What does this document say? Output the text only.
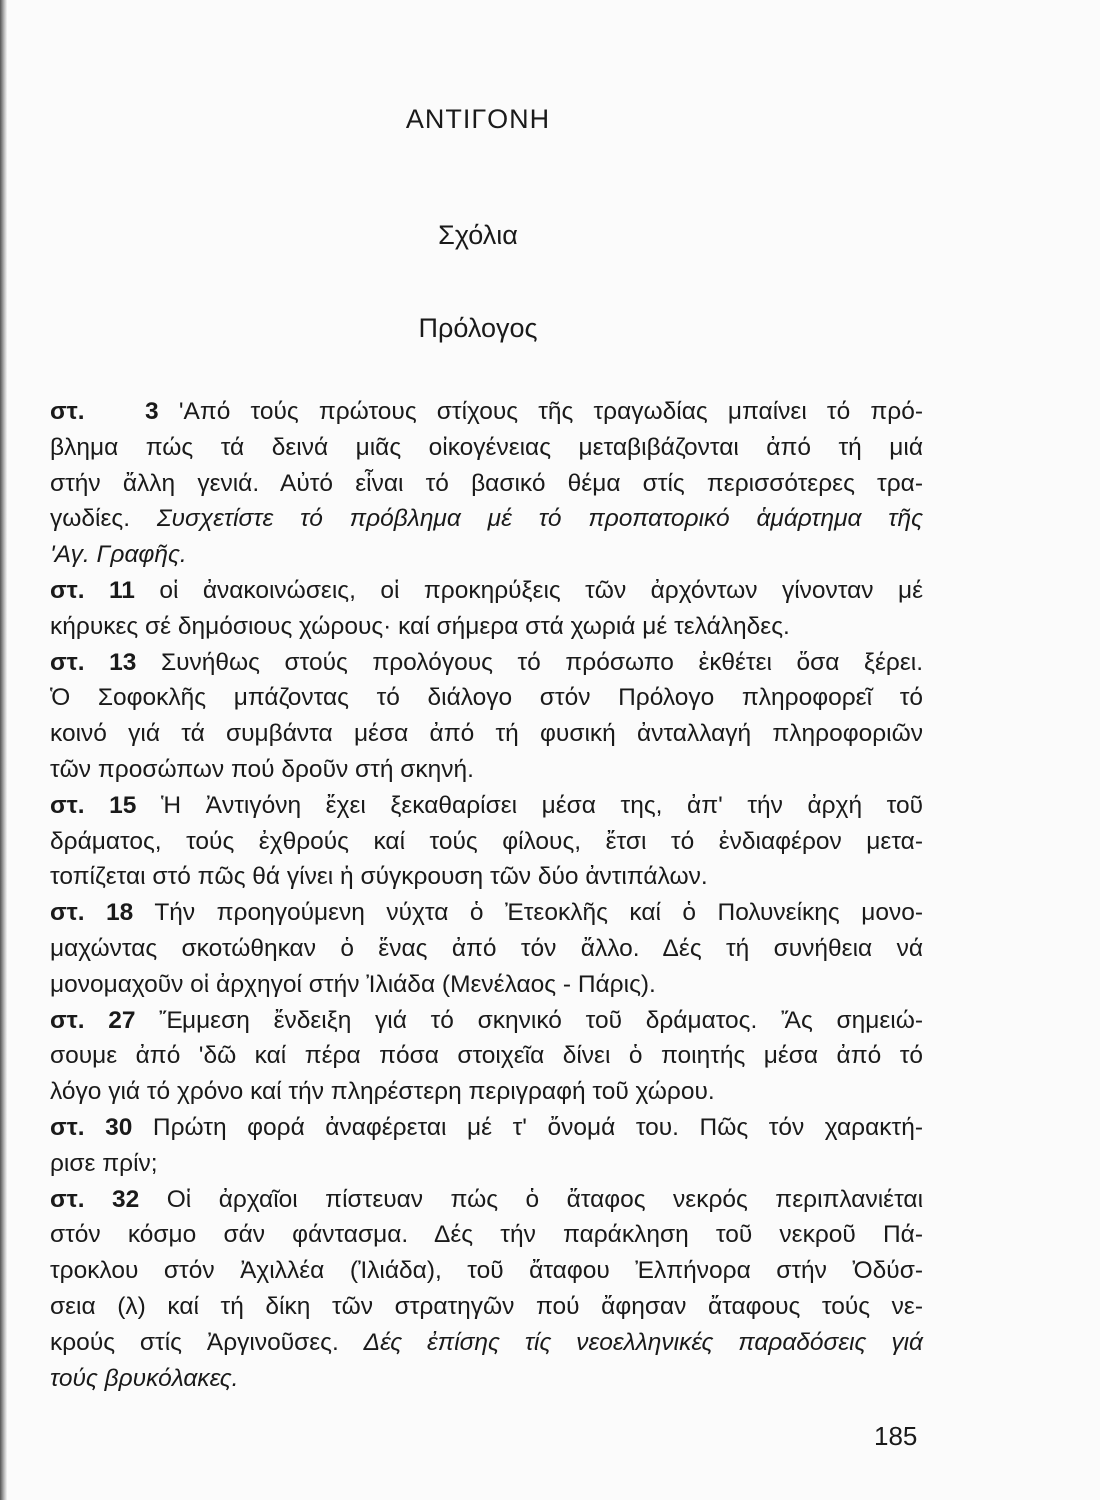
ΑΝΤΙΓΟΝΗ
Σχόλια
Πρόλογος
στ. 3 'Από τούς πρώτους στίχους τῆς τραγωδίας μπαίνει τό πρό-
βλημα πώς τά δεινά μιᾶς οἰκογένειας μεταβιβάζονται ἀπό τή μιά
στήν ἄλλη γενιά. Αὐτό εἶναι τό βασικό θέμα στίς περισσότερες τρα-
γωδίες. Συσχετίστε τό πρόβλημα μέ τό προπατορικό ἁμάρτημα τῆς
'Αγ. Γραφῆς.
στ. 11 οἱ ἀνακοινώσεις, οἱ προκηρύξεις τῶν ἀρχόντων γίνονταν μέ
κήρυκες σέ δημόσιους χώρους· καί σήμερα στά χωριά μέ τελάληδες.
στ. 13 Συνήθως στούς προλόγους τό πρόσωπο ἐκθέτει ὅσα ξέρει.
Ὁ Σοφοκλῆς μπάζοντας τό διάλογο στόν Πρόλογο πληροφορεῖ τό
κοινό γιά τά συμβάντα μέσα ἀπό τή φυσική ἀνταλλαγή πληροφοριῶν
τῶν προσώπων πού δροῦν στή σκηνή.
στ. 15 Ἡ Ἀντιγόνη ἔχει ξεκαθαρίσει μέσα της, ἀπ' τήν ἀρχή τοῦ
δράματος, τούς ἐχθρούς καί τούς φίλους, ἔτσι τό ἐνδιαφέρον μετα-
τοπίζεται στό πῶς θά γίνει ἡ σύγκρουση τῶν δύο ἀντιπάλων.
στ. 18 Τήν προηγούμενη νύχτα ὁ Ἐτεοκλῆς καί ὁ Πολυνείκης μονο-
μαχώντας σκοτώθηκαν ὁ ἕνας ἀπό τόν ἄλλο. Δές τή συνήθεια νά
μονομαχοῦν οἱ ἀρχηγοί στήν Ἰλιάδα (Μενέλαος - Πάρις).
στ. 27 Ἔμμεση ἔνδειξη γιά τό σκηνικό τοῦ δράματος. Ἄς σημειώ-
σουμε ἀπό 'δῶ καί πέρα πόσα στοιχεῖα δίνει ὁ ποιητής μέσα ἀπό τό
λόγο γιά τό χρόνο καί τήν πληρέστερη περιγραφή τοῦ χώρου.
στ. 30 Πρώτη φορά ἀναφέρεται μέ τ' ὄνομά του. Πῶς τόν χαρακτή-
ρισε πρίν;
στ. 32 Οἱ ἀρχαῖοι πίστευαν πώς ὁ ἄταφος νεκρός περιπλανιέται
στόν κόσμο σάν φάντασμα. Δές τήν παράκληση τοῦ νεκροῦ Πά-
τροκλου στόν Ἀχιλλέα (Ἰλιάδα), τοῦ ἄταφου Ἐλπήνορα στήν Ὀδύσ-
σεια (λ) καί τή δίκη τῶν στρατηγῶν πού ἄφησαν ἄταφους τούς νε-
κρούς στίς Ἀργινοῦσες. Δές ἐπίσης τίς νεοελληνικές παραδόσεις γιά
τούς βρυκόλακες.
185
